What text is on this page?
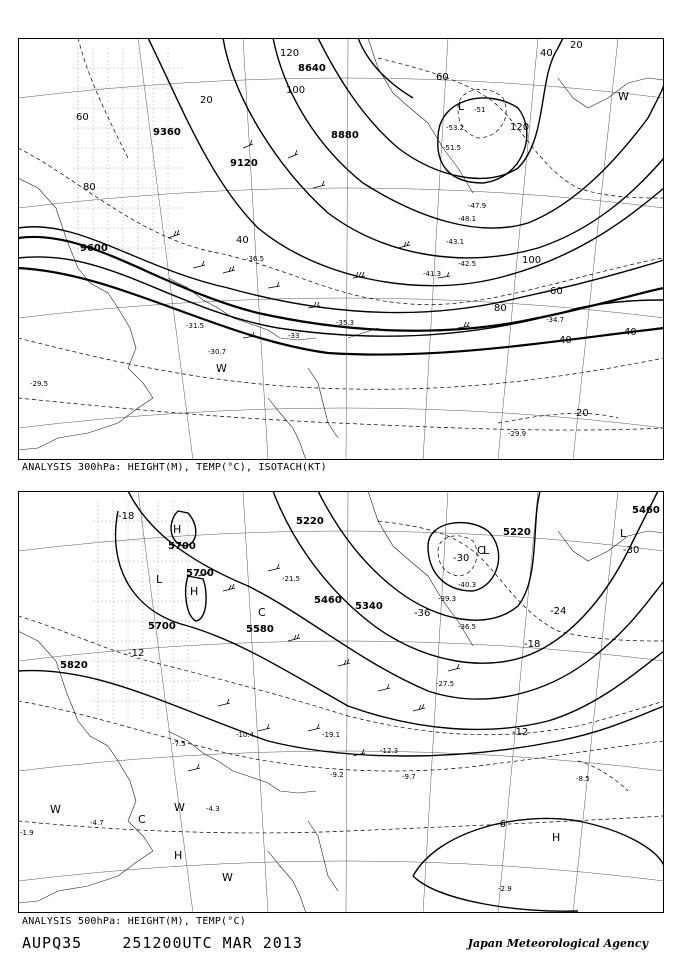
9600
9360
9120
8880
8640
120
100
80
60
40
20
100
80
60
40
20
40
60
120
20
40
-41.3
-43.1
-42.5
-35.3
-36.5
-33
-31.5
-30.7
-29.9
-29.5
-34.7
-47.9
-48.1
-51
-53.2
-51.5
L
W
W
ANALYSIS 300hPa: HEIGHT(M), TEMP(°C), ISOTACH(KT)
5700
5700
5700	5580
5460
5340
5220
5220
5820
5460
-18
-12
-36
-30
-24
-18
-12
-6
-30
-39.3
-36.5
-27.5
-12.3
-9.7
-9.2
-2.9
-4.3
-7.5
-10.4
-8.5
-4.7
-1.9
-40.3
-21.5
-19.1
H
L
H
C
C
L
L
H
H
W	W
W
C
ANALYSIS 500hPa: HEIGHT(M), TEMP(°C)
AUPQ35	251200UTC MAR 2013	Japan Meteorological Agency
